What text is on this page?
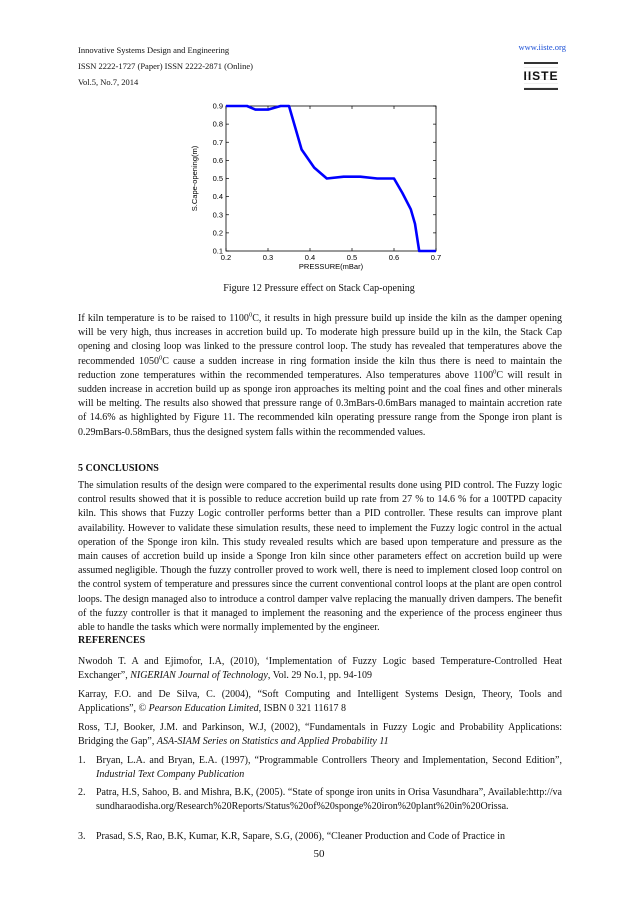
Innovative Systems Design and Engineering
ISSN 2222-1727 (Paper) ISSN 2222-2871 (Online)
Vol.5, No.7, 2014
www.iiste.org
IISTE
0.2	0.3	0.4	0.5	0.6	0.7
0.1
0.2
0.3
0.4
0.5
0.6
0.7
0.8
0.9
PRESSURE(mBar)
S.Cape-opening(m)
Figure 12 Pressure effect on Stack Cap-opening

If kiln temperature is to be raised to 1100$^0$C, it results in high pressure build up inside the kiln as the damper opening will be very high, thus increases in accretion build up. To moderate high pressure build up in the kiln, the Stack Cap opening and closing loop was linked to the pressure control loop. The study has revealed that temperatures above the recommended 1050$^0$C cause a sudden increase in ring formation inside the kiln thus there is need to maintain the reduction zone temperatures within the recommended temperatures. Also temperatures above 1100$^0$C will result in sudden increase in accretion build up as sponge iron approaches its melting point and the coal fines and other minerals will be melting. The results also showed that pressure range of 0.3mBars-0.6mBars managed to maintain accretion rate of 14.6% as highlighted by Figure 11. The recommended kiln operating pressure range from the Sponge iron plant is 0.29mBars-0.58mBars, thus the designed system falls within the recommended values.

5 CONCLUSIONS

The simulation results of the design were compared to the experimental results done using PID control. The Fuzzy logic control results showed that it is possible to reduce accretion build up rate from 27 % to 14.6 % for a 100TPD capacity kiln. This shows that Fuzzy Logic controller performs better than a PID controller. These results can improve plant availability. However to validate these simulation results, these need to implement the Fuzzy logic control in the actual operation of the Sponge iron kiln. This study revealed results which are based upon temperature and pressure as the main causes of accretion build up inside a Sponge Iron kiln since other parameters effect on accretion build up were assumed negligible. Though the fuzzy controller proved to work well, there is need to implement closed loop control on the control system of temperature and pressures since the current conventional control loops at the plant are open control loops. The design managed also to introduce a control damper valve replacing the manually driven dampers. The benefit of the fuzzy controller is that it managed to implement the reasoning and the experience of the process engineer thus able to handle the tasks which were normally implemented by the engineer.

REFERENCES

Nwodoh T. A and Ejimofor, I.A, (2010), ‘Implementation of Fuzzy Logic based Temperature-Controlled Heat Exchanger”, NIGERIAN Journal of Technology, Vol. 29 No.1, pp. 94-109

Karray, F.O. and De Silva, C. (2004), “Soft Computing and Intelligent Systems Design, Theory, Tools and Applications”, © Pearson Education Limited, ISBN 0 321 11617 8

Ross, T.J, Booker, J.M. and Parkinson, W.J, (2002), “Fundamentals in Fuzzy Logic and Probability Applications: Bridging the Gap”, ASA-SIAM Series on Statistics and Applied Probability 11

1.	Bryan, L.A. and Bryan, E.A. (1997), “Programmable Controllers Theory and Implementation, Second Edition”, Industrial Text Company Publication
2.	Patra, H.S, Sahoo, B. and Mishra, B.K, (2005). “State of sponge iron units in Orisa Vasundhara”, Available:http://vasundharaodisha.org/Research%20Reports/Status%20of%20sponge%20iron%20plant%20in%20Orissa.
3.	Prasad, S.S, Rao, B.K, Kumar, K.R, Sapare, S.G, (2006), “Cleaner Production and Code of Practice in
50
